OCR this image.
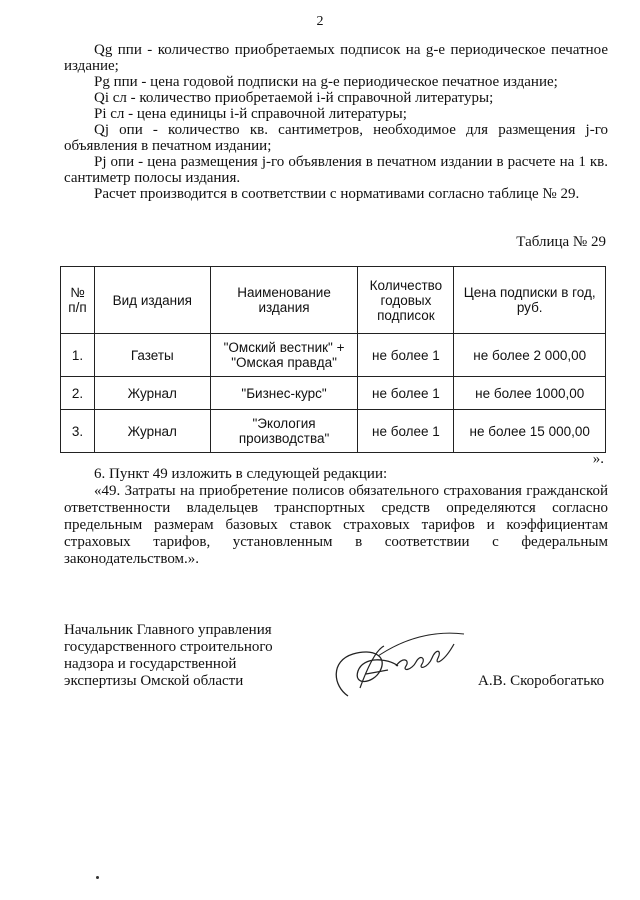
2

Qg ппи - количество приобретаемых подписок на g-е периодическое печатное издание;

Pg ппи - цена годовой подписки на g-е периодическое печатное издание;

Qi сл - количество приобретаемой i-й справочной литературы;

Pi сл - цена единицы i-й справочной литературы;

Qj опи - количество кв. сантиметров, необходимое для размещения j-го объявления в печатном издании;

Pj опи - цена размещения j-го объявления в печатном издании в расчете на 1 кв. сантиметр полосы издания.

Расчет производится в соответствии с нормативами согласно таблице № 29.

Таблица № 29
№ п/п	Вид издания	Наименование издания	Количество годовых подписок	Цена подписки в год, руб.
1.	Газеты	"Омский вестник" + "Омская правда"	не более 1	не более 2 000,00
2.	Журнал	"Бизнес-курс"	не более 1	не более 1000,00
3.	Журнал	"Экология производства"	не более 1	не более 15 000,00
».

6. Пункт 49 изложить в следующей редакции:

«49. Затраты на приобретение полисов обязательного страхования гражданской ответственности владельцев транспортных средств определяются согласно предельным размерам базовых ставок страховых тарифов и коэффициентам страховых тарифов, установленным в соответствии с федеральным законодательством.».

Начальник Главного управления
государственного строительного
надзора и государственной
экспертизы Омской области	А.В. Скоробогатько
